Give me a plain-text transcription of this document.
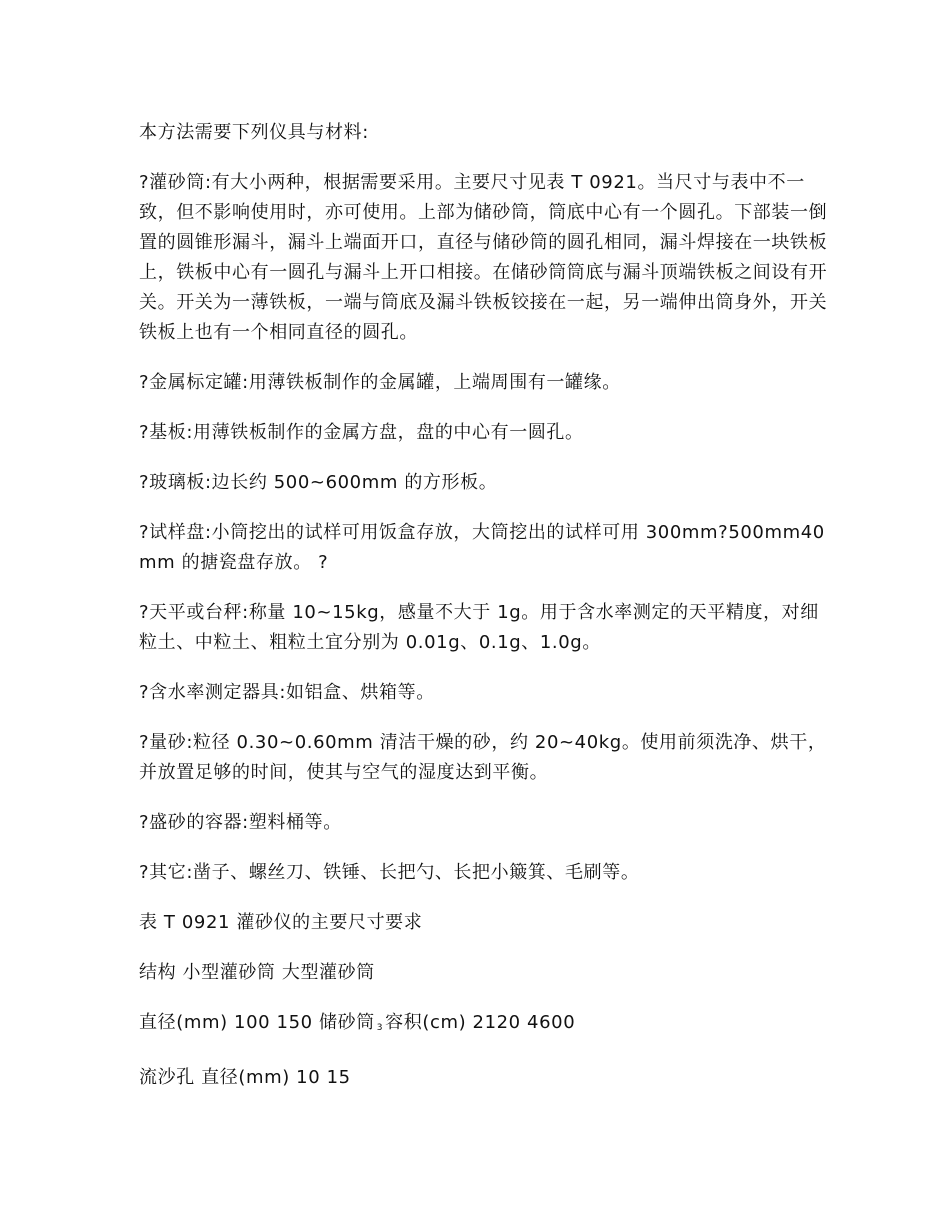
本方法需要下列仪具与材料:

?灌砂筒:有大小两种，根据需要采用。主要尺寸见表 T 0921。当尺寸与表中不一致，但不影响使用时，亦可使用。上部为储砂筒，筒底中心有一个圆孔。下部装一倒置的圆锥形漏斗，漏斗上端面开口，直径与储砂筒的圆孔相同，漏斗焊接在一块铁板上，铁板中心有一圆孔与漏斗上开口相接。在储砂筒筒底与漏斗顶端铁板之间设有开关。开关为一薄铁板，一端与筒底及漏斗铁板铰接在一起，另一端伸出筒身外，开关铁板上也有一个相同直径的圆孔。

?金属标定罐:用薄铁板制作的金属罐，上端周围有一罐缘。

?基板:用薄铁板制作的金属方盘，盘的中心有一圆孔。

?玻璃板:边长约 500~600mm 的方形板。

?试样盘:小筒挖出的试样可用饭盒存放，大筒挖出的试样可用 300mm?500mm40mm 的搪瓷盘存放。 ?

?天平或台秤:称量 10~15kg，感量不大于 1g。用于含水率测定的天平精度，对细粒土、中粒土、粗粒土宜分别为 0.01g、0.1g、1.0g。

?含水率测定器具:如铝盒、烘箱等。

?量砂:粒径 0.30~0.60mm 清洁干燥的砂，约 20~40kg。使用前须洗净、烘干，并放置足够的时间，使其与空气的湿度达到平衡。

?盛砂的容器:塑料桶等。

?其它:凿子、螺丝刀、铁锤、长把勺、长把小簸箕、毛刷等。

表 T 0921 灌砂仪的主要尺寸要求

结构 小型灌砂筒 大型灌砂筒

直径(mm) 100 150 储砂筒 $_3$ 容积(cm) 2120 4600

流沙孔 直径(mm) 10 15
